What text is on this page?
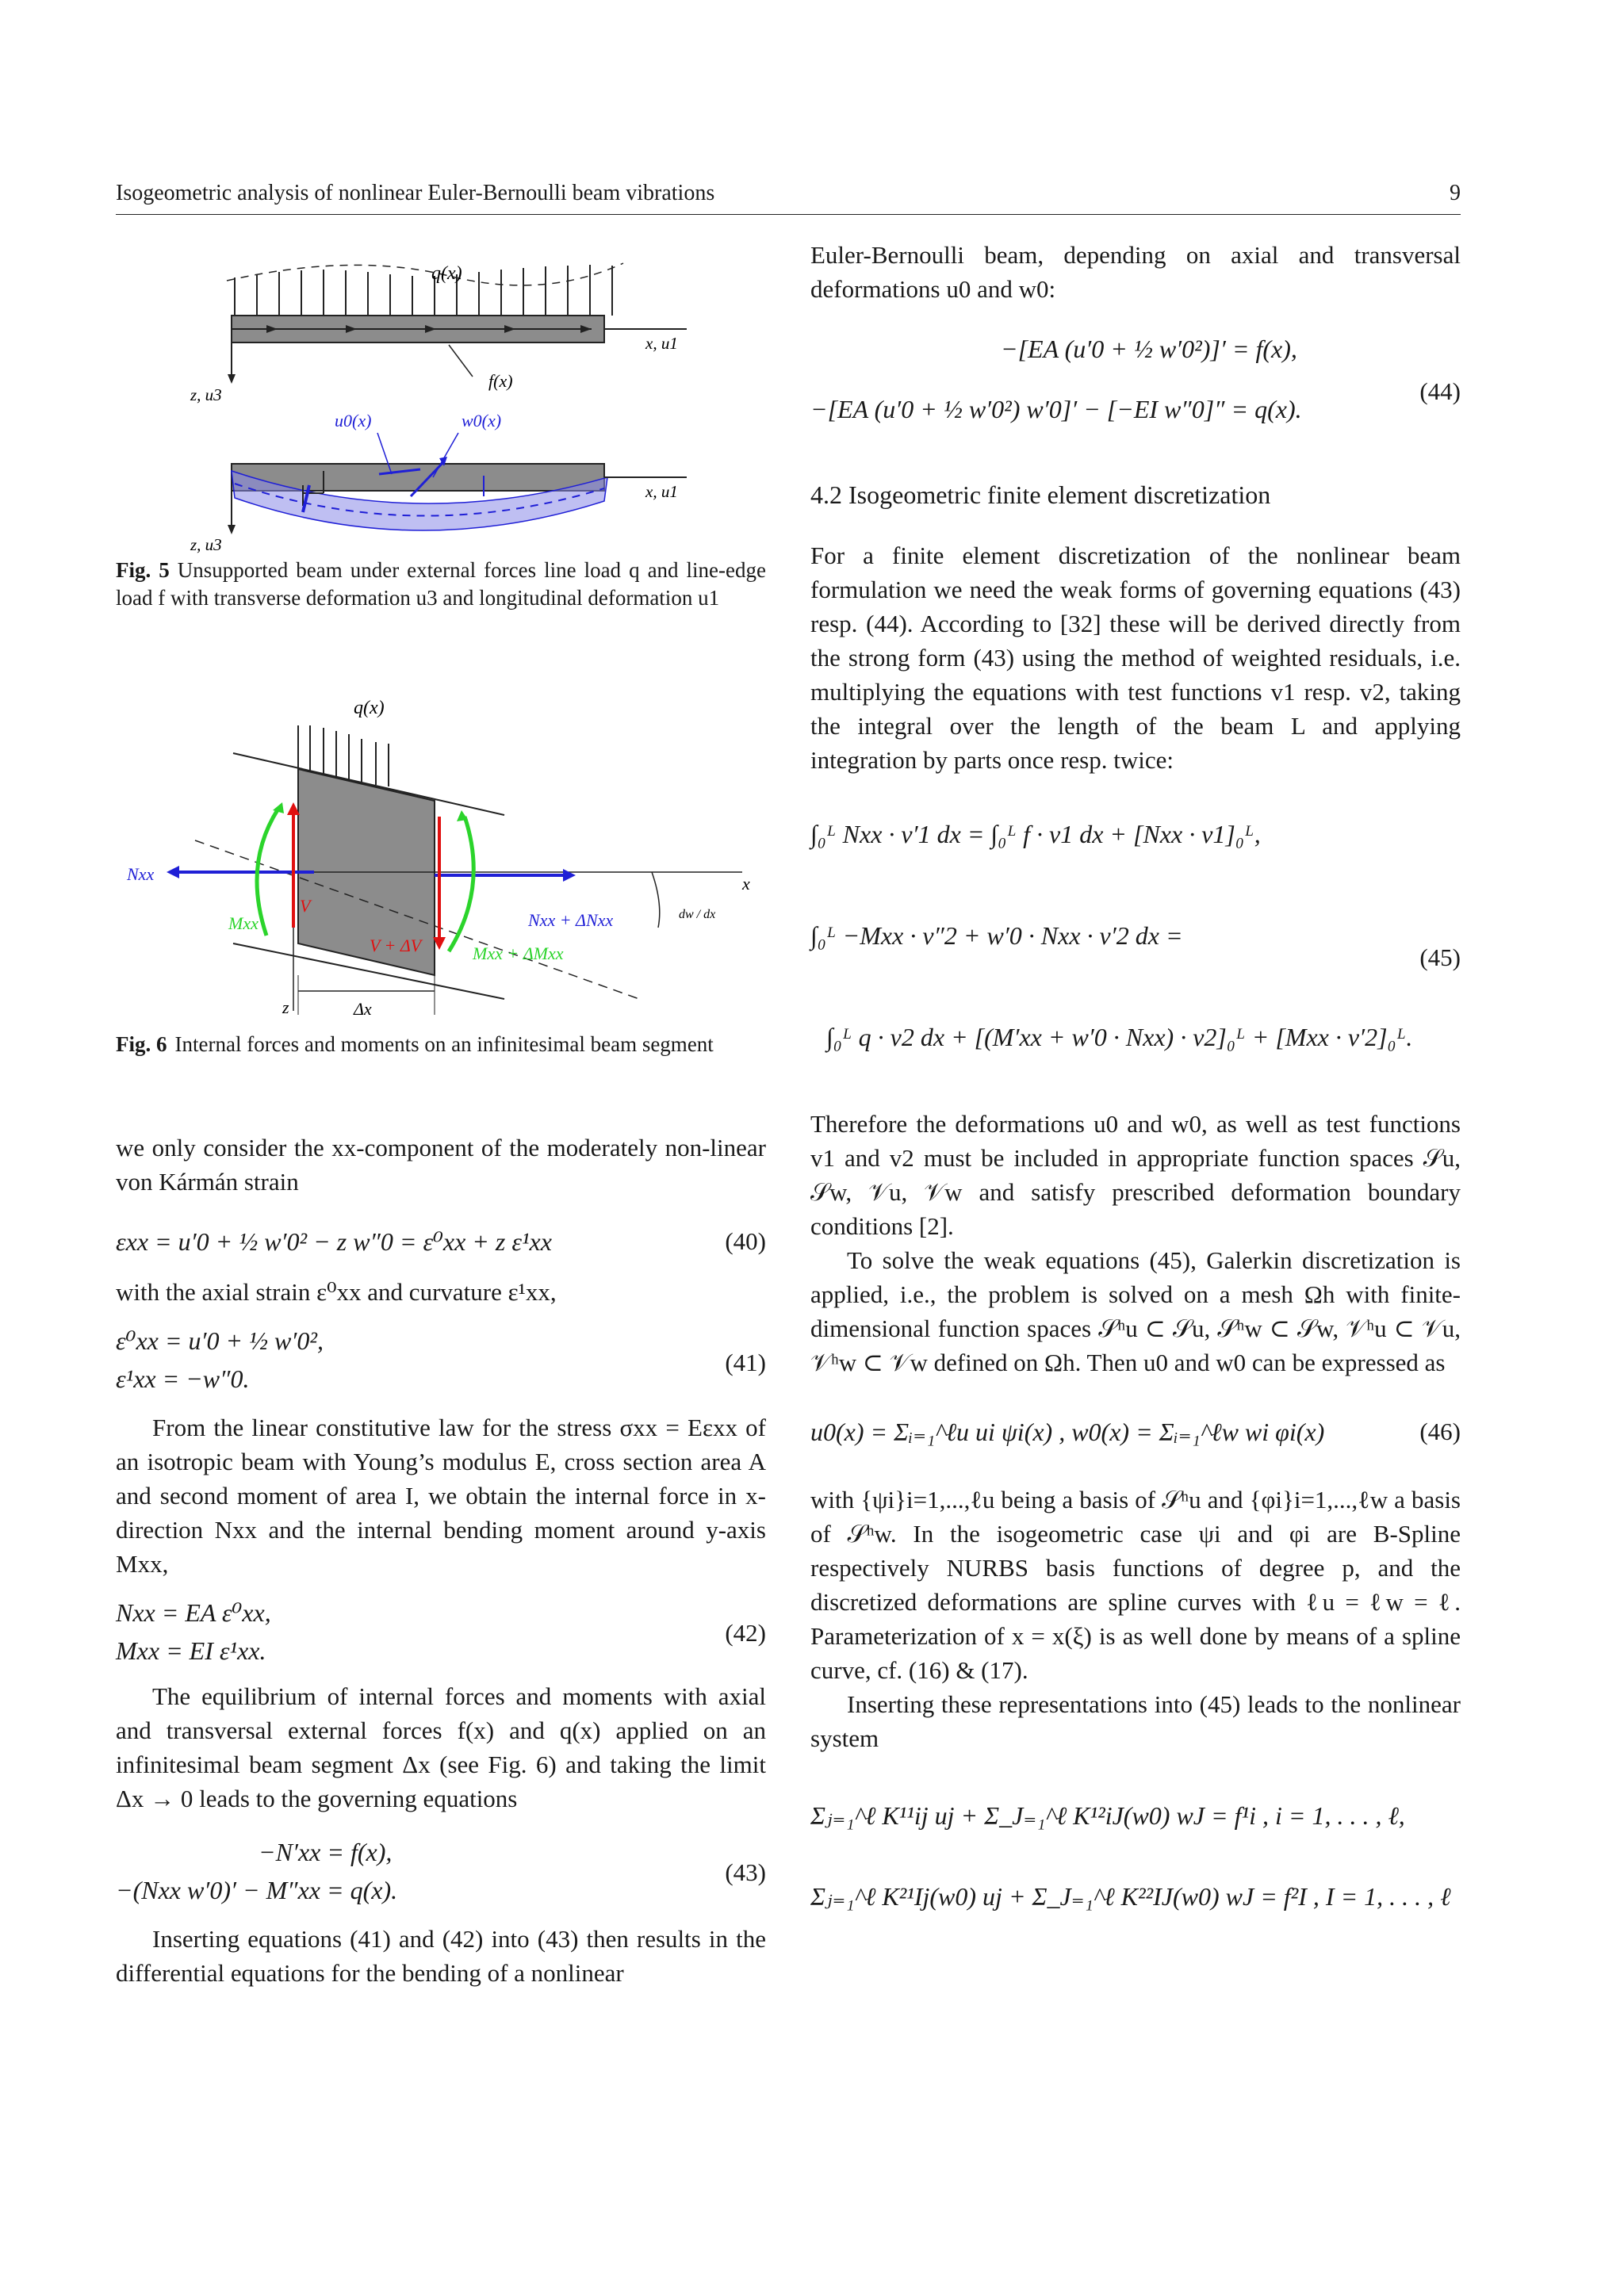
Isogeometric analysis of nonlinear Euler-Bernoulli beam vibrations	9
q(x)
x, u1
z, u3
f(x)
u0(x)	w0(x)
x, u1
z, u3

Fig. 5 Unsupported beam under external forces line load q and line-edge load f with transverse deformation u3 and longitudinal deformation u1

q(x)
Nxx
Nxx + ΔNxx
Mxx
Mxx + ΔMxx
V
V + ΔV
Δx
x
z
dw / dx

Fig. 6 Internal forces and moments on an infinitesimal beam segment

we only consider the xx-component of the moderately non-linear von Kármán strain

εxx = u′0 + ½ w′0² − z w″0 = ε⁰xx + z ε¹xx	(40)

with the axial strain ε⁰xx and curvature ε¹xx,

ε⁰xx = u′0 + ½ w′0²,
ε¹xx = −w″0.
(41)

From the linear constitutive law for the stress σxx = Eεxx of an isotropic beam with Young’s modulus E, cross section area A and second moment of area I, we obtain the internal force in x-direction Nxx and the internal bending moment around y-axis Mxx,

Nxx = EA ε⁰xx,
Mxx = EI ε¹xx.
(42)

The equilibrium of internal forces and moments with axial and transversal external forces f(x) and q(x) applied on an infinitesimal beam segment Δx (see Fig. 6) and taking the limit Δx → 0 leads to the governing equations

−N′xx = f(x),
−(Nxx w′0)′ − M″xx = q(x).
(43)

Inserting equations (41) and (42) into (43) then results in the differential equations for the bending of a nonlinear

Euler-Bernoulli beam, depending on axial and transversal deformations u0 and w0:

−[EA (u′0 + ½ w′0²)]′ = f(x),
−[EA (u′0 + ½ w′0²) w′0]′ − [−EI w″0]″ = q(x).
(44)
4.2 Isogeometric finite element discretization

For a finite element discretization of the nonlinear beam formulation we need the weak forms of governing equations (43) resp. (44). According to [32] these will be derived directly from the strong form (43) using the method of weighted residuals, i.e. multiplying the equations with test functions v1 resp. v2, taking the integral over the length of the beam L and applying integration by parts once resp. twice:

∫₀ᴸ Nxx · v′1 dx = ∫₀ᴸ f · v1 dx + [Nxx · v1]₀ᴸ,
∫₀ᴸ −Mxx · v″2 + w′0 · Nxx · v′2 dx =
∫₀ᴸ q · v2 dx + [(M′xx + w′0 · Nxx) · v2]₀ᴸ + [Mxx · v′2]₀ᴸ.
(45)

Therefore the deformations u0 and w0, as well as test functions v1 and v2 must be included in appropriate function spaces 𝒮u, 𝒮w, 𝒱u, 𝒱w and satisfy prescribed deformation boundary conditions [2].

To solve the weak equations (45), Galerkin discretization is applied, i.e., the problem is solved on a mesh Ωh with finite-dimensional function spaces 𝒮ʰu ⊂ 𝒮u, 𝒮ʰw ⊂ 𝒮w, 𝒱ʰu ⊂ 𝒱u, 𝒱ʰw ⊂ 𝒱w defined on Ωh. Then u0 and w0 can be expressed as

u0(x) = Σᵢ₌₁^ℓu ui ψi(x) , w0(x) = Σᵢ₌₁^ℓw wi φi(x)	(46)

with {ψi}i=1,...,ℓu being a basis of 𝒮ʰu and {φi}i=1,...,ℓw a basis of 𝒮ʰw. In the isogeometric case ψi and φi are B-Spline respectively NURBS basis functions of degree p, and the discretized deformations are spline curves with ℓu = ℓw = ℓ. Parameterization of x = x(ξ) is as well done by means of a spline curve, cf. (16) & (17).

Inserting these representations into (45) leads to the nonlinear system

Σⱼ₌₁^ℓ K¹¹ij uj + Σ_J₌₁^ℓ K¹²iJ(w0) wJ = f¹i , i = 1, . . . , ℓ,
Σⱼ₌₁^ℓ K²¹Ij(w0) uj + Σ_J₌₁^ℓ K²²IJ(w0) wJ = f²I , I = 1, . . . , ℓ
